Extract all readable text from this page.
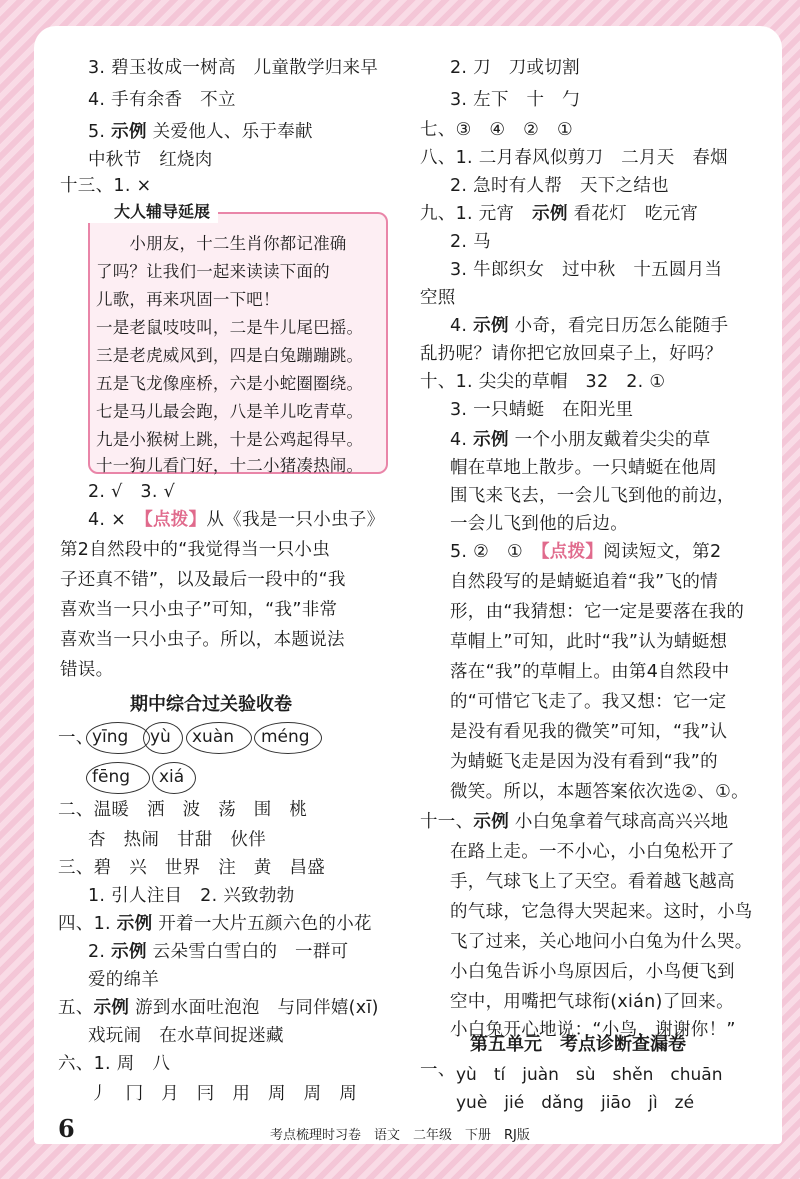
3. 碧玉妆成一树高　儿童散学归来早
4. 手有余香　不立
5. 示例 关爱他人、乐于奉献
中秋节　红烧肉
十三、1. ×
大人辅导延展
　　小朋友，十二生肖你都记准确
了吗？让我们一起来读读下面的
儿歌，再来巩固一下吧！
一是老鼠吱吱叫，二是牛儿尾巴摇。
三是老虎威风到，四是白兔蹦蹦跳。
五是飞龙像座桥，六是小蛇圈圈绕。
七是马儿最会跑，八是羊儿吃青草。
九是小猴树上跳，十是公鸡起得早。
十一狗儿看门好，十二小猪凑热闹。
2. √　3. √
4. ×　【点拨】从《我是一只小虫子》
第2自然段中的“我觉得当一只小虫
子还真不错”，以及最后一段中的“我
喜欢当一只小虫子”可知，“我”非常
喜欢当一只小虫子。所以，本题说法
错误。
期中综合过关验收卷
一、
yīng yù xuàn méng
fēng xiá
二、温暖　洒　波　荡　围　桃
杏　热闹　甘甜　伙伴
三、碧　兴　世界　注　黄　昌盛
1. 引人注目　2. 兴致勃勃
四、1. 示例 开着一大片五颜六色的小花
2. 示例 云朵雪白雪白的　一群可
爱的绵羊
五、示例 游到水面吐泡泡　与同伴嬉(xī)
戏玩闹　在水草间捉迷藏
六、1. 周　八
丿　冂　月　冃　用　周　周　周
2. 刀　刀或切割
3. 左下　十　勹
七、③　④　②　①
八、1. 二月春风似剪刀　二月天　春烟
2. 急时有人帮　天下之结也
九、1. 元宵　示例 看花灯　吃元宵
2. 马
3. 牛郎织女　过中秋　十五圆月当
空照
4. 示例 小奇，看完日历怎么能随手
乱扔呢？请你把它放回桌子上，好吗？
十、1. 尖尖的草帽　32　2. ①
3. 一只蜻蜓　在阳光里
4. 示例 一个小朋友戴着尖尖的草
帽在草地上散步。一只蜻蜓在他周
围飞来飞去，一会儿飞到他的前边，
一会儿飞到他的后边。
5. ②　①　【点拨】阅读短文，第2
自然段写的是蜻蜓追着“我”飞的情
形，由“我猜想：它一定是要落在我的
草帽上”可知，此时“我”认为蜻蜓想
落在“我”的草帽上。由第4自然段中
的“可惜它飞走了。我又想：它一定
是没有看见我的微笑”可知，“我”认
为蜻蜓飞走是因为没有看到“我”的
微笑。所以，本题答案依次选②、①。
十一、示例 小白兔拿着气球高高兴兴地
在路上走。一不小心，小白兔松开了
手，气球飞上了天空。看着越飞越高
的气球，它急得大哭起来。这时，小鸟
飞了过来，关心地问小白兔为什么哭。
小白兔告诉小鸟原因后，小鸟便飞到
空中，用嘴把气球衔(xián)了回来。
小白兔开心地说：“小鸟，谢谢你！”
第五单元　考点诊断查漏卷
一、 yù　tí　juàn　sù　shěn　chuān
yuè　jié　dǎng　jiāo　jì　zé
6	考点梳理时习卷　语文　二年级　下册　RJ版
